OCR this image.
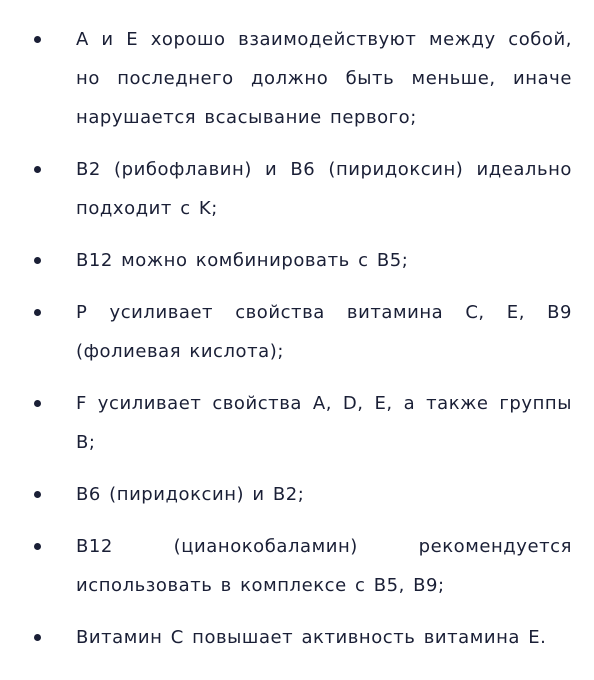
A и E хорошо взаимодействуют между собой, но последнего должно быть меньше, иначе нарушается всасывание первого;
B2 (рибофлавин) и B6 (пиридоксин) идеально подходит с K;
B12 можно комбинировать с B5;
P усиливает свойства витамина C, E, B9 (фолиевая кислота);
F усиливает свойства A, D, E, а также группы B;
B6 (пиридоксин) и B2;
B12 (цианокобаламин) рекомендуется использовать в комплексе с B5, B9;
Витамин C повышает активность витамина E.
